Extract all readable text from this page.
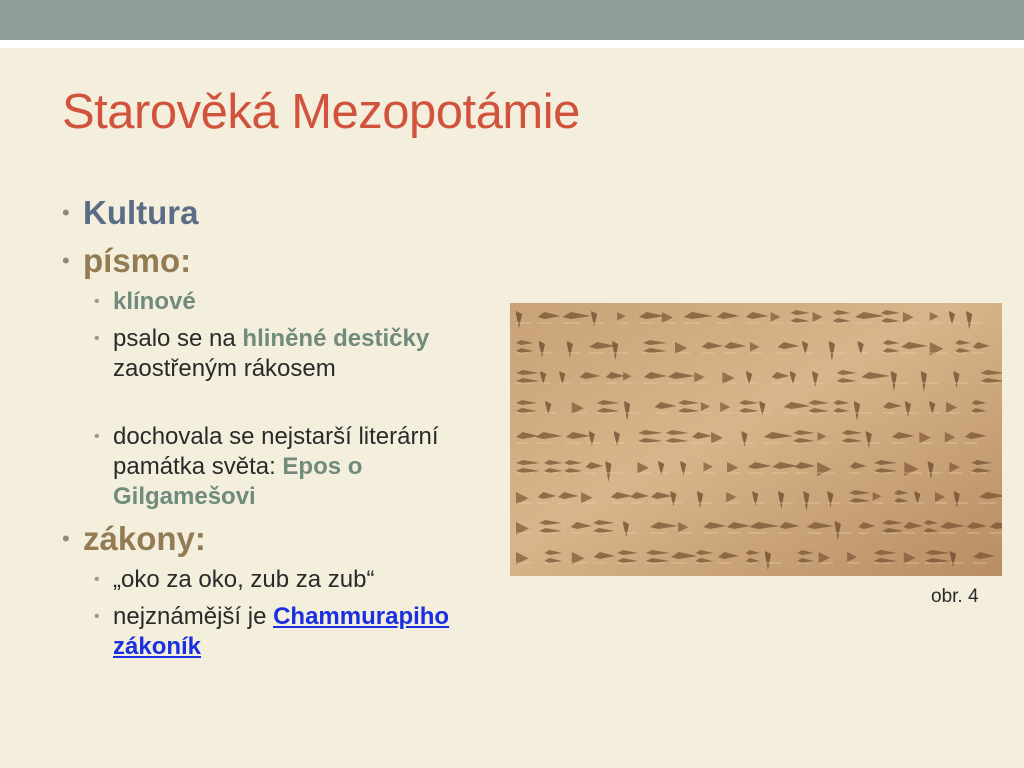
Starověká Mezopotámie
• Kultura
• písmo:
• klínové
• psalo se na hliněné destičky zaostřeným rákosem
• dochovala se nejstarší literární památka světa: Epos o Gilgamešovi
• zákony:
• „oko za oko, zub za zub“
• nejznámější je Chammurapiho zákoník
obr. 4
